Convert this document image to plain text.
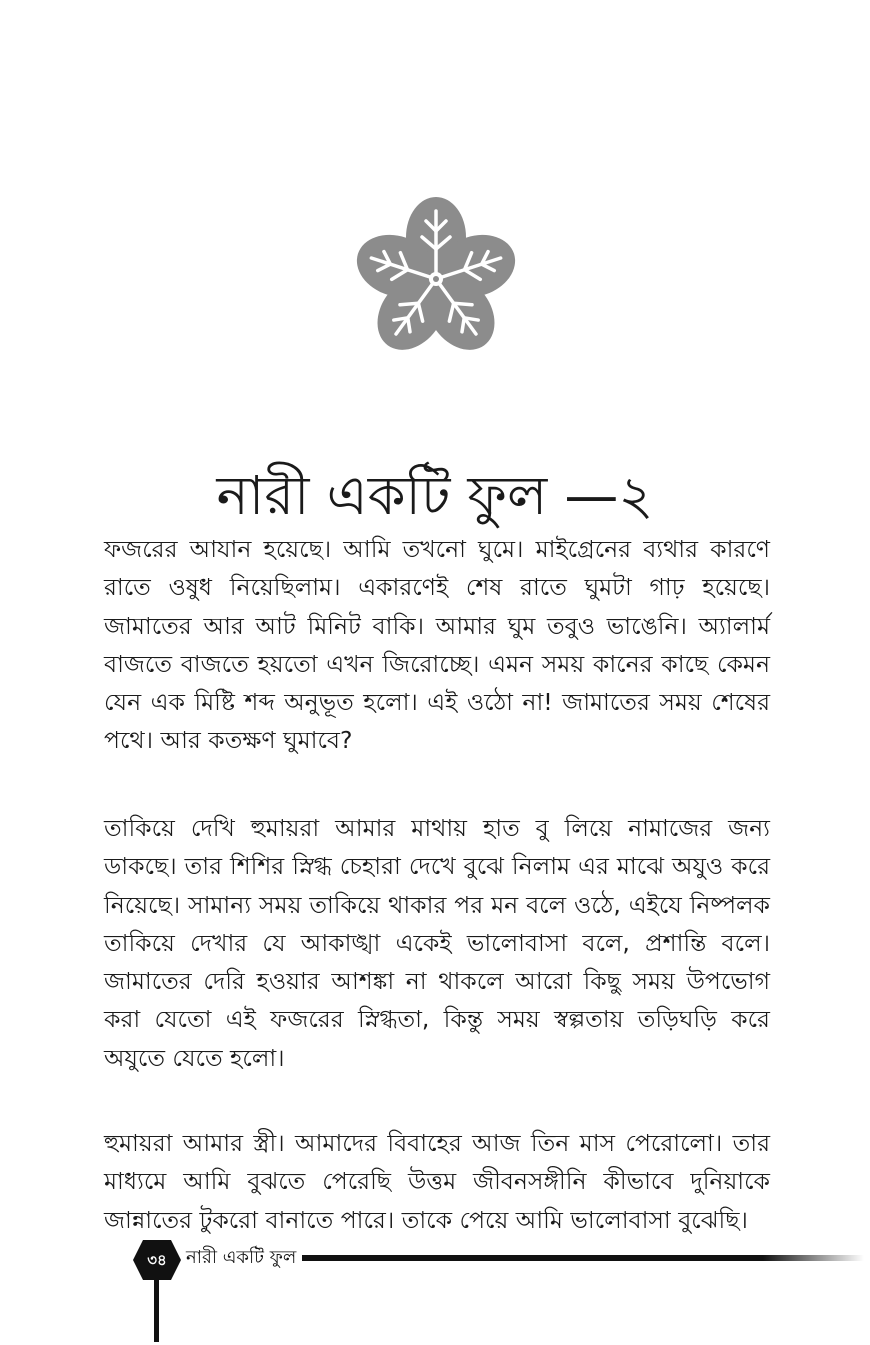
নারী একটি ফুল —২

ফজরের আযান হয়েছে। আমি তখনো ঘুমে। মাইগ্রেনের ব্যথার কারণে রাতে ওষুধ নিয়েছিলাম। একারণেই শেষ রাতে ঘুমটা গাঢ় হয়েছে। জামাতের আর আট মিনিট বাকি। আমার ঘুম তবুও ভাঙেনি। অ্যালার্ম বাজতে বাজতে হয়তো এখন জিরোচ্ছে। এমন সময় কানের কাছে কেমন যেন এক মিষ্টি শব্দ অনুভূত হলো। এই ওঠো না! জামাতের সময় শেষের পথে। আর কতক্ষণ ঘুমাবে?

তাকিয়ে দেখি হুমায়রা আমার মাথায় হাত বু লিয়ে নামাজের জন্য ডাকছে। তার শিশির স্নিগ্ধ চেহারা দেখে বুঝে নিলাম এর মাঝে অযুও করে নিয়েছে। সামান্য সময় তাকিয়ে থাকার পর মন বলে ওঠে, এইযে নিষ্পলক তাকিয়ে দেখার যে আকাঙ্খা একেই ভালোবাসা বলে, প্রশান্তি বলে। জামাতের দেরি হওয়ার আশঙ্কা না থাকলে আরো কিছু সময় উপভোগ করা যেতো এই ফজরের স্নিগ্ধতা, কিন্তু সময় স্বল্পতায় তড়িঘড়ি করে অযুতে যেতে হলো।

হুমায়রা আমার স্ত্রী। আমাদের বিবাহের আজ তিন মাস পেরোলো। তার মাধ্যমে আমি বুঝতে পেরেছি উত্তম জীবনসঙ্গীনি কীভাবে দুনিয়াকে জান্নাতের টুকরো বানাতে পারে। তাকে পেয়ে আমি ভালোবাসা বুঝেছি।

৩৪	নারী একটি ফুল
